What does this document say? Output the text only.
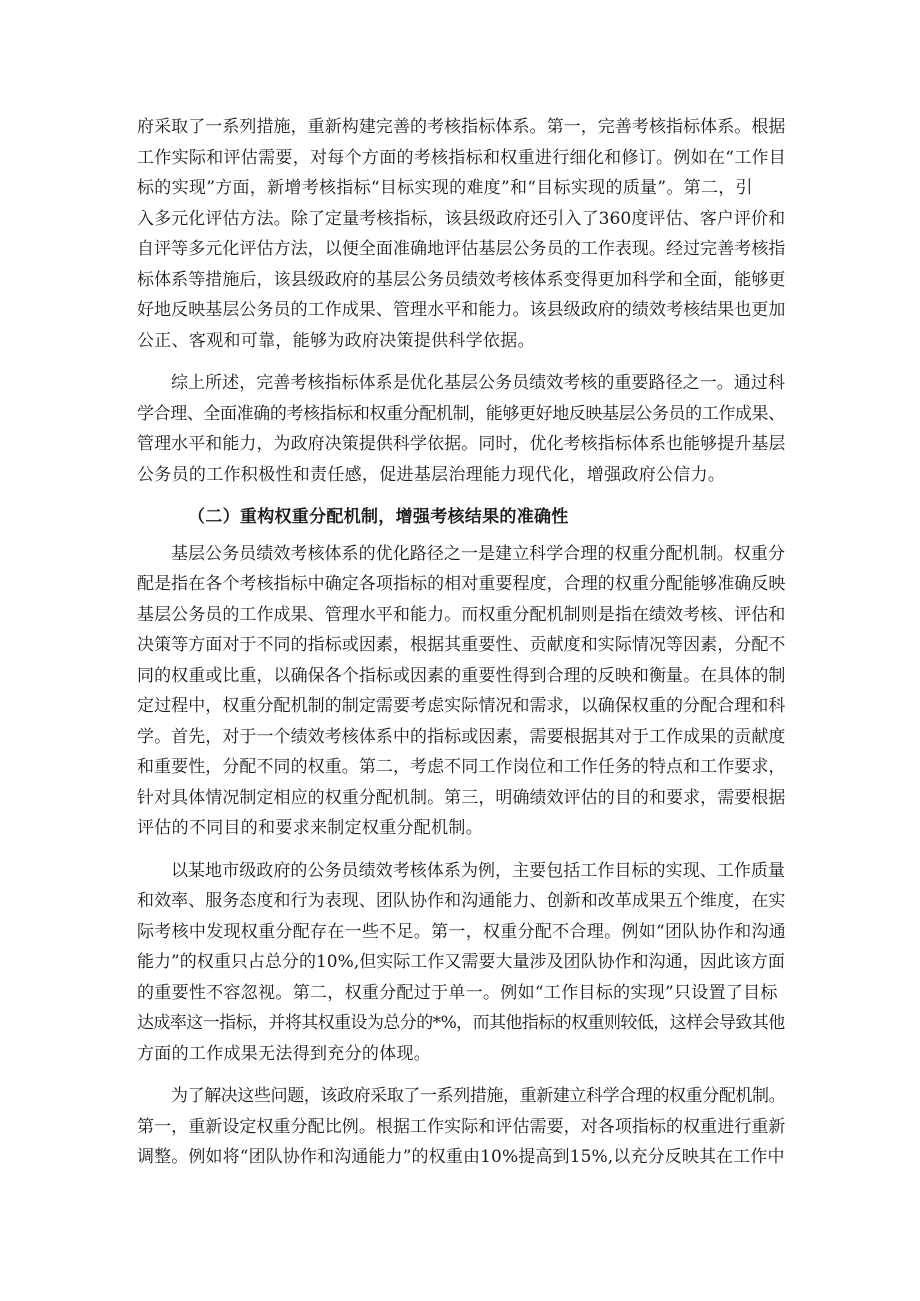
府采取了一系列措施，重新构建完善的考核指标体系。第一，完善考核指标体系。根据
工作实际和评估需要，对每个方面的考核指标和权重进行细化和修订。例如在“工作目
标的实现”方面，新增考核指标“目标实现的难度”和“目标实现的质量”。第二，引
入多元化评估方法。除了定量考核指标，该县级政府还引入了360度评估、客户评价和
自评等多元化评估方法，以便全面准确地评估基层公务员的工作表现。经过完善考核指
标体系等措施后，该县级政府的基层公务员绩效考核体系变得更加科学和全面，能够更
好地反映基层公务员的工作成果、管理水平和能力。该县级政府的绩效考核结果也更加
公正、客观和可靠，能够为政府决策提供科学依据。

综上所述，完善考核指标体系是优化基层公务员绩效考核的重要路径之一。通过科
学合理、全面准确的考核指标和权重分配机制，能够更好地反映基层公务员的工作成果、
管理水平和能力，为政府决策提供科学依据。同时，优化考核指标体系也能够提升基层
公务员的工作积极性和责任感，促进基层治理能力现代化，增强政府公信力。

（二）重构权重分配机制，增强考核结果的准确性

基层公务员绩效考核体系的优化路径之一是建立科学合理的权重分配机制。权重分
配是指在各个考核指标中确定各项指标的相对重要程度，合理的权重分配能够准确反映
基层公务员的工作成果、管理水平和能力。而权重分配机制则是指在绩效考核、评估和
决策等方面对于不同的指标或因素，根据其重要性、贡献度和实际情况等因素，分配不
同的权重或比重，以确保各个指标或因素的重要性得到合理的反映和衡量。在具体的制
定过程中，权重分配机制的制定需要考虑实际情况和需求，以确保权重的分配合理和科
学。首先，对于一个绩效考核体系中的指标或因素，需要根据其对于工作成果的贡献度
和重要性，分配不同的权重。第二，考虑不同工作岗位和工作任务的特点和工作要求，
针对具体情况制定相应的权重分配机制。第三，明确绩效评估的目的和要求，需要根据
评估的不同目的和要求来制定权重分配机制。

以某地市级政府的公务员绩效考核体系为例，主要包括工作目标的实现、工作质量
和效率、服务态度和行为表现、团队协作和沟通能力、创新和改革成果五个维度，在实
际考核中发现权重分配存在一些不足。第一，权重分配不合理。例如“团队协作和沟通
能力”的权重只占总分的10%,但实际工作又需要大量涉及团队协作和沟通，因此该方面
的重要性不容忽视。第二，权重分配过于单一。例如“工作目标的实现”只设置了目标
达成率这一指标，并将其权重设为总分的*%，而其他指标的权重则较低，这样会导致其他
方面的工作成果无法得到充分的体现。

为了解决这些问题，该政府采取了一系列措施，重新建立科学合理的权重分配机制。
第一，重新设定权重分配比例。根据工作实际和评估需要，对各项指标的权重进行重新
调整。例如将“团队协作和沟通能力”的权重由10%提高到15%,以充分反映其在工作中
